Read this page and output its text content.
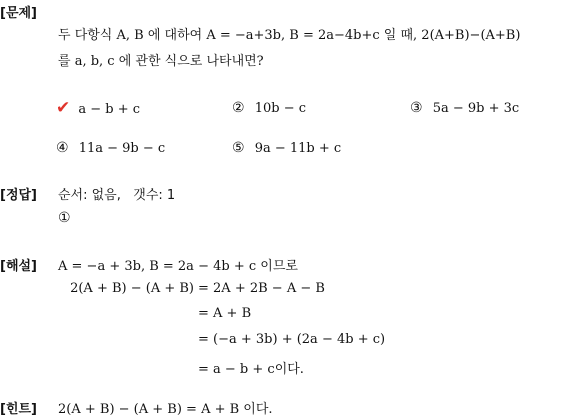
[문제]
두 다항식 A, B 에 대하여 A = −a+3b, B = 2a−4b+c 일 때, 2(A+B)−(A+B)
를 a, b, c 에 관한 식으로 나타내면?
✔ a − b + c	② 10b − c	③ 5a − 9b + 3c
④ 11a − 9b − c	⑤ 9a − 11b + c
[정답] 순서: 없음,   갯수: 1
①
[해설] A = −a + 3b, B = 2a − 4b + c 이므로
2(A + B) − (A + B) = 2A + 2B − A − B
= A + B
= (−a + 3b) + (2a − 4b + c)
= a − b + c이다.
[힌트] 2(A + B) − (A + B) = A + B 이다.
